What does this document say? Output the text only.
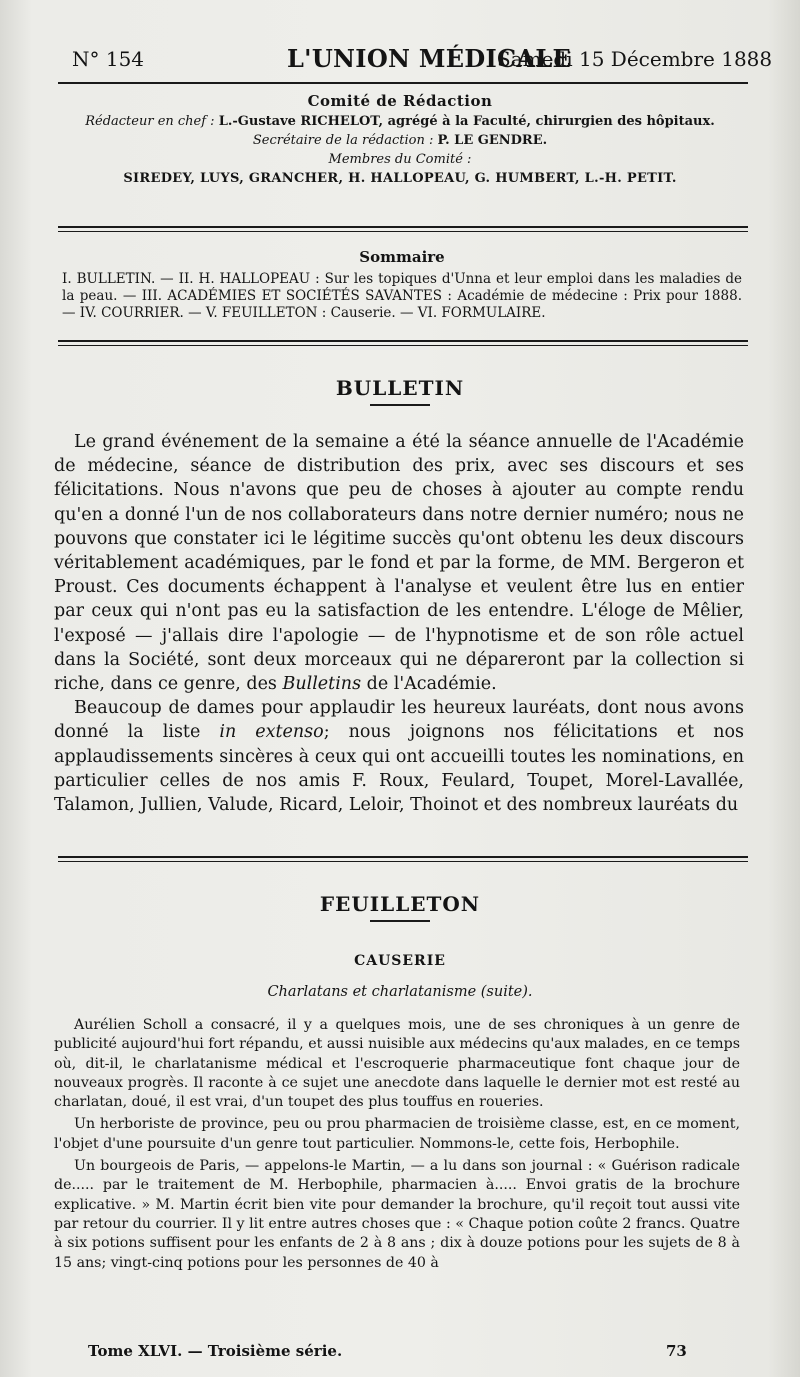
N° 154	L'UNION MÉDICALE
Samedi 15 Décembre 1888
Comité de Rédaction
Rédacteur en chef : L.-Gustave RICHELOT, agrégé à la Faculté, chirurgien des hôpitaux.
Secrétaire de la rédaction : P. LE GENDRE.
Membres du Comité :
SIREDEY, LUYS, GRANCHER, H. HALLOPEAU, G. HUMBERT, L.-H. PETIT.
Sommaire
I. BULLETIN. — II. H. HALLOPEAU : Sur les topiques d'Unna et leur emploi dans les maladies de la peau. — III. ACADÉMIES ET SOCIÉTÉS SAVANTES : Académie de médecine : Prix pour 1888. — IV. COURRIER. — V. FEUILLETON : Causerie. — VI. FORMULAIRE.
BULLETIN

Le grand événement de la semaine a été la séance annuelle de l'Académie de médecine, séance de distribution des prix, avec ses discours et ses félicitations. Nous n'avons que peu de choses à ajouter au compte rendu qu'en a donné l'un de nos collaborateurs dans notre dernier numéro; nous ne pouvons que constater ici le légitime succès qu'ont obtenu les deux discours véritablement académiques, par le fond et par la forme, de MM. Bergeron et Proust. Ces documents échappent à l'analyse et veulent être lus en entier par ceux qui n'ont pas eu la satisfaction de les entendre. L'éloge de Mêlier, l'exposé — j'allais dire l'apologie — de l'hypnotisme et de son rôle actuel dans la Société, sont deux morceaux qui ne dépareront par la collection si riche, dans ce genre, des Bulletins de l'Académie.

Beaucoup de dames pour applaudir les heureux lauréats, dont nous avons donné la liste in extenso; nous joignons nos félicitations et nos applaudissements sincères à ceux qui ont accueilli toutes les nominations, en particulier celles de nos amis F. Roux, Feulard, Toupet, Morel-Lavallée, Talamon, Jullien, Valude, Ricard, Leloir, Thoinot et des nombreux lauréats du

FEUILLETON
CAUSERIE
Charlatans et charlatanisme (suite).

Aurélien Scholl a consacré, il y a quelques mois, une de ses chroniques à un genre de publicité aujourd'hui fort répandu, et aussi nuisible aux médecins qu'aux malades, en ce temps où, dit-il, le charlatanisme médical et l'escroquerie pharmaceutique font chaque jour de nouveaux progrès. Il raconte à ce sujet une anecdote dans laquelle le dernier mot est resté au charlatan, doué, il est vrai, d'un toupet des plus touffus en roueries.

Un herboriste de province, peu ou prou pharmacien de troisième classe, est, en ce moment, l'objet d'une poursuite d'un genre tout particulier. Nommons-le, cette fois, Herbophile.

Un bourgeois de Paris, — appelons-le Martin, — a lu dans son journal : « Guérison radicale de..... par le traitement de M. Herbophile, pharmacien à..... Envoi gratis de la brochure explicative. » M. Martin écrit bien vite pour demander la brochure, qu'il reçoit tout aussi vite par retour du courrier. Il y lit entre autres choses que : « Chaque potion coûte 2 francs. Quatre à six potions suffisent pour les enfants de 2 à 8 ans ; dix à douze potions pour les sujets de 8 à 15 ans; vingt-cinq potions pour les personnes de 40 à

Tome XLVI. — Troisième série.	73
